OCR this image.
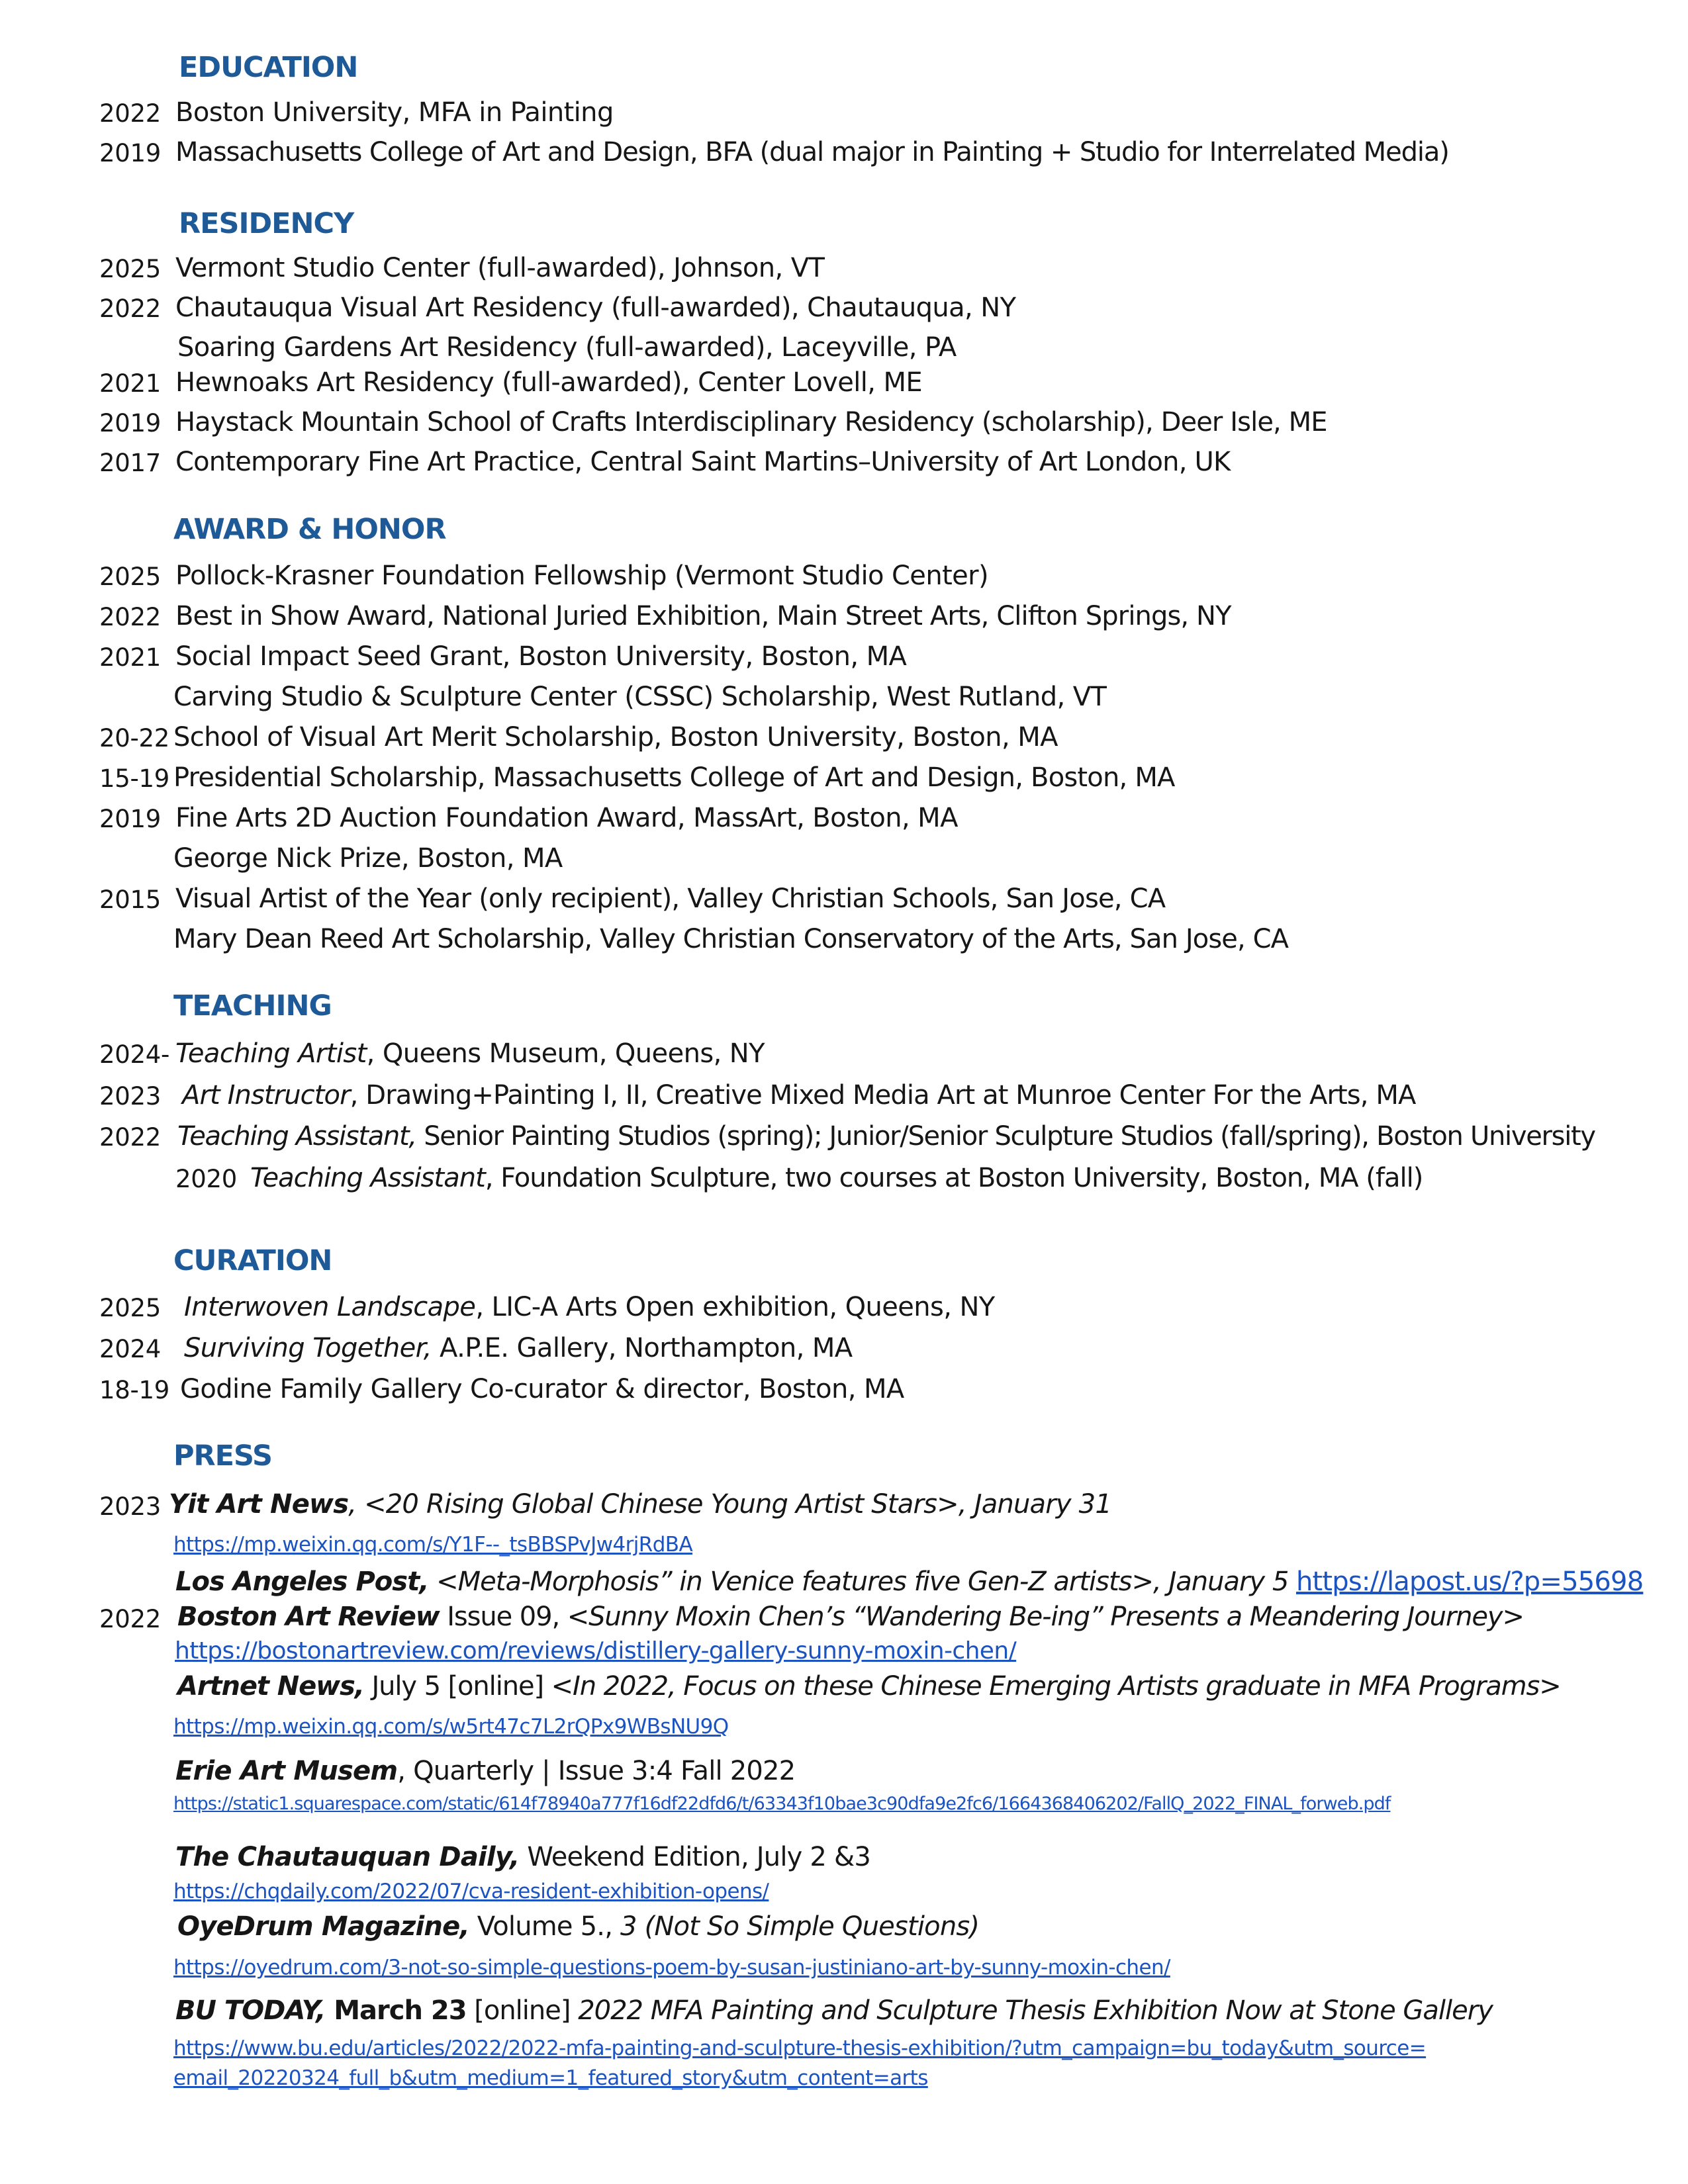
EDUCATION
2022 Boston University, MFA in Painting
2019 Massachusetts College of Art and Design, BFA (dual major in Painting + Studio for Interrelated Media)
RESIDENCY
2025 Vermont Studio Center (full-awarded), Johnson, VT
2022 Chautauqua Visual Art Residency (full-awarded), Chautauqua, NY
Soaring Gardens Art Residency (full-awarded), Laceyville, PA
2021 Hewnoaks Art Residency (full-awarded), Center Lovell, ME
2019 Haystack Mountain School of Crafts Interdisciplinary Residency (scholarship), Deer Isle, ME
2017 Contemporary Fine Art Practice, Central Saint Martins–University of Art London, UK
AWARD & HONOR
2025 Pollock-Krasner Foundation Fellowship (Vermont Studio Center)
2022 Best in Show Award, National Juried Exhibition, Main Street Arts, Clifton Springs, NY
2021 Social Impact Seed Grant, Boston University, Boston, MA
Carving Studio & Sculpture Center (CSSC) Scholarship, West Rutland, VT
20-22 School of Visual Art Merit Scholarship, Boston University, Boston, MA
15-19 Presidential Scholarship, Massachusetts College of Art and Design, Boston, MA
2019 Fine Arts 2D Auction Foundation Award, MassArt, Boston, MA
George Nick Prize, Boston, MA
2015 Visual Artist of the Year (only recipient), Valley Christian Schools, San Jose, CA
Mary Dean Reed Art Scholarship, Valley Christian Conservatory of the Arts, San Jose, CA
TEACHING
2024- Teaching Artist, Queens Museum, Queens, NY
2023 Art Instructor, Drawing+Painting I, II, Creative Mixed Media Art at Munroe Center For the Arts, MA
2022 Teaching Assistant, Senior Painting Studios (spring); Junior/Senior Sculpture Studios (fall/spring), Boston University
2020 Teaching Assistant, Foundation Sculpture, two courses at Boston University, Boston, MA (fall)
CURATION
2025 Interwoven Landscape, LIC-A Arts Open exhibition, Queens, NY
2024 Surviving Together, A.P.E. Gallery, Northampton, MA
18-19 Godine Family Gallery Co-curator & director, Boston, MA
PRESS
2023 Yit Art News, <20 Rising Global Chinese Young Artist Stars>, January 31
https://mp.weixin.qq.com/s/Y1F--_tsBBSPvJw4rjRdBA
Los Angeles Post, <Meta-Morphosis” in Venice features five Gen-Z artists>, January 5 https://lapost.us/?p=55698
2022 Boston Art Review Issue 09, <Sunny Moxin Chen’s “Wandering Be-ing” Presents a Meandering Journey>
https://bostonartreview.com/reviews/distillery-gallery-sunny-moxin-chen/
Artnet News, July 5 [online] <In 2022, Focus on these Chinese Emerging Artists graduate in MFA Programs>
https://mp.weixin.qq.com/s/w5rt47c7L2rQPx9WBsNU9Q
Erie Art Musem, Quarterly | Issue 3:4 Fall 2022
https://static1.squarespace.com/static/614f78940a777f16df22dfd6/t/63343f10bae3c90dfa9e2fc6/1664368406202/FallQ_2022_FINAL_forweb.pdf
The Chautauquan Daily, Weekend Edition, July 2 &3
https://chqdaily.com/2022/07/cva-resident-exhibition-opens/
OyeDrum Magazine, Volume 5., 3 (Not So Simple Questions)
https://oyedrum.com/3-not-so-simple-questions-poem-by-susan-justiniano-art-by-sunny-moxin-chen/
BU TODAY, March 23 [online] 2022 MFA Painting and Sculpture Thesis Exhibition Now at Stone Gallery
https://www.bu.edu/articles/2022/2022-mfa-painting-and-sculpture-thesis-exhibition/?utm_campaign=bu_today&utm_source=
email_20220324_full_b&utm_medium=1_featured_story&utm_content=arts
